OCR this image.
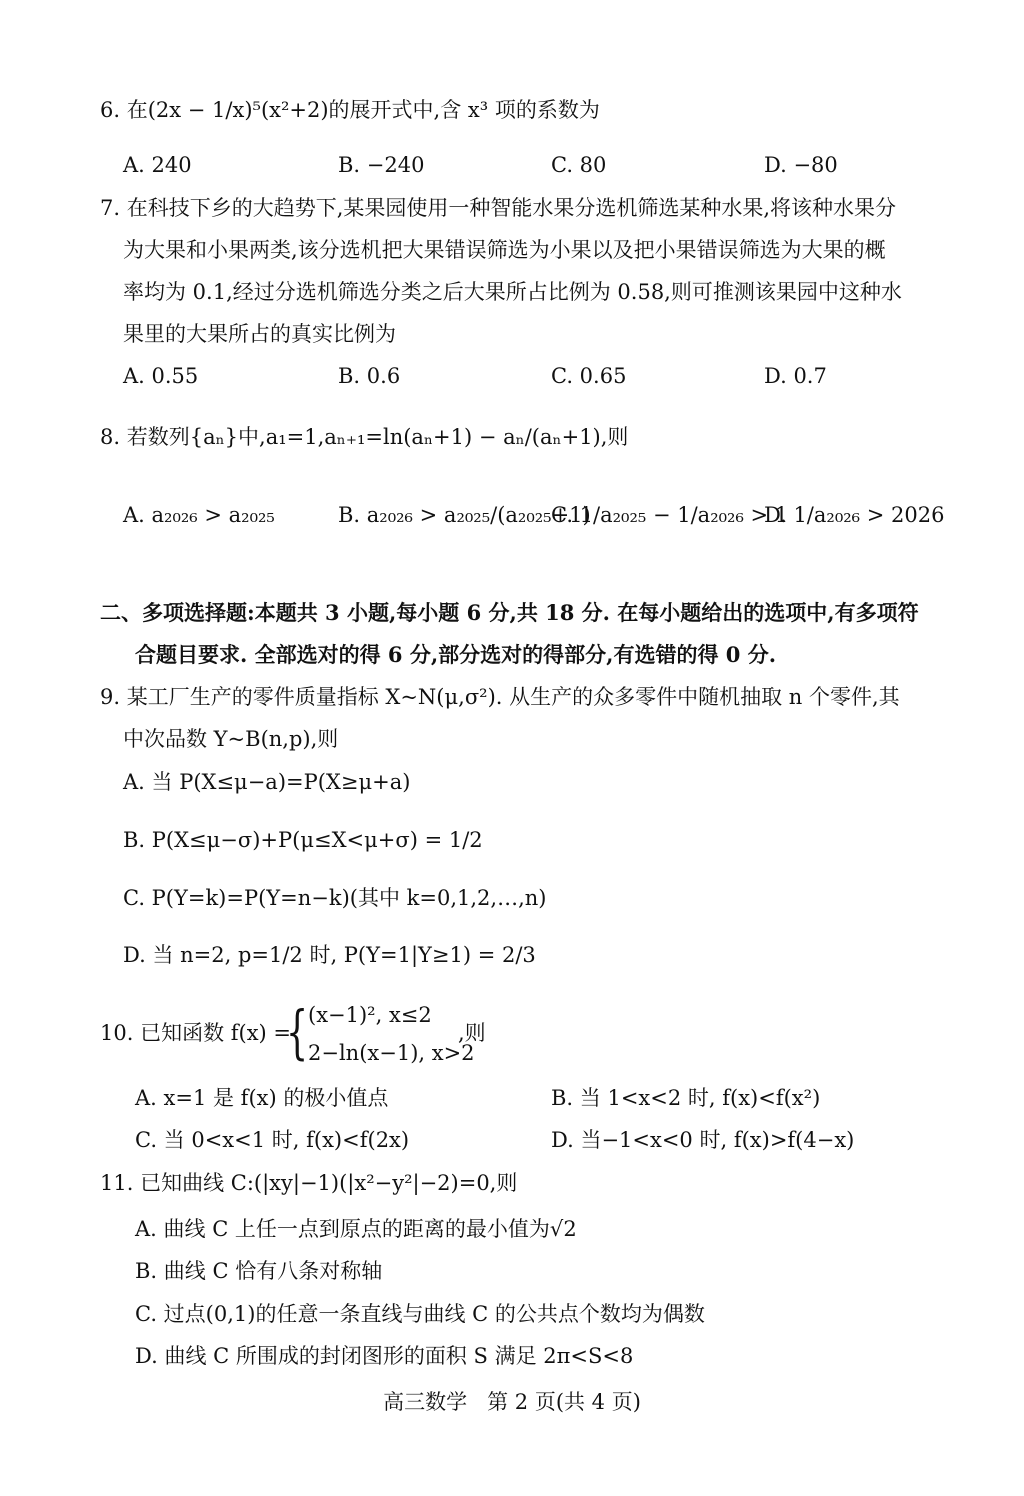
6. 在(2x − 1/x)⁵(x²+2)的展开式中,含 x³ 项的系数为
A. 240	B. −240	C. 80	D. −80
7. 在科技下乡的大趋势下,某果园使用一种智能水果分选机筛选某种水果,将该种水果分
为大果和小果两类,该分选机把大果错误筛选为小果以及把小果错误筛选为大果的概
率均为 0.1,经过分选机筛选分类之后大果所占比例为 0.58,则可推测该果园中这种水
果里的大果所占的真实比例为
A. 0.55	B. 0.6	C. 0.65	D. 0.7
8. 若数列{aₙ}中,a₁=1,aₙ₊₁=ln(aₙ+1) − aₙ/(aₙ+1),则
A. a₂₀₂₆ > a₂₀₂₅	B. a₂₀₂₆ > a₂₀₂₅/(a₂₀₂₅+1)
C. 1/a₂₀₂₅ − 1/a₂₀₂₆ > 1
D. 1/a₂₀₂₆ > 2026
二、多项选择题:本题共 3 小题,每小题 6 分,共 18 分. 在每小题给出的选项中,有多项符
合题目要求. 全部选对的得 6 分,部分选对的得部分,有选错的得 0 分.
9. 某工厂生产的零件质量指标 X~N(μ,σ²). 从生产的众多零件中随机抽取 n 个零件,其
中次品数 Y~B(n,p),则
A. 当 P(X≤μ−a)=P(X≥μ+a)
B. P(X≤μ−σ)+P(μ≤X<μ+σ) = 1/2
C. P(Y=k)=P(Y=n−k)(其中 k=0,1,2,…,n)
D. 当 n=2, p=1/2 时, P(Y=1|Y≥1) = 2/3
10. 已知函数 f(x) =
{ (x−1)², x≤2
2−ln(x−1), x>2
,则
A. x=1 是 f(x) 的极小值点	B. 当 1<x<2 时, f(x)<f(x²)
C. 当 0<x<1 时, f(x)<f(2x)	D. 当−1<x<0 时, f(x)>f(4−x)
11. 已知曲线 C:(|xy|−1)(|x²−y²|−2)=0,则
A. 曲线 C 上任一点到原点的距离的最小值为√2
B. 曲线 C 恰有八条对称轴
C. 过点(0,1)的任意一条直线与曲线 C 的公共点个数均为偶数
D. 曲线 C 所围成的封闭图形的面积 S 满足 2π<S<8
高三数学   第 2 页(共 4 页)
